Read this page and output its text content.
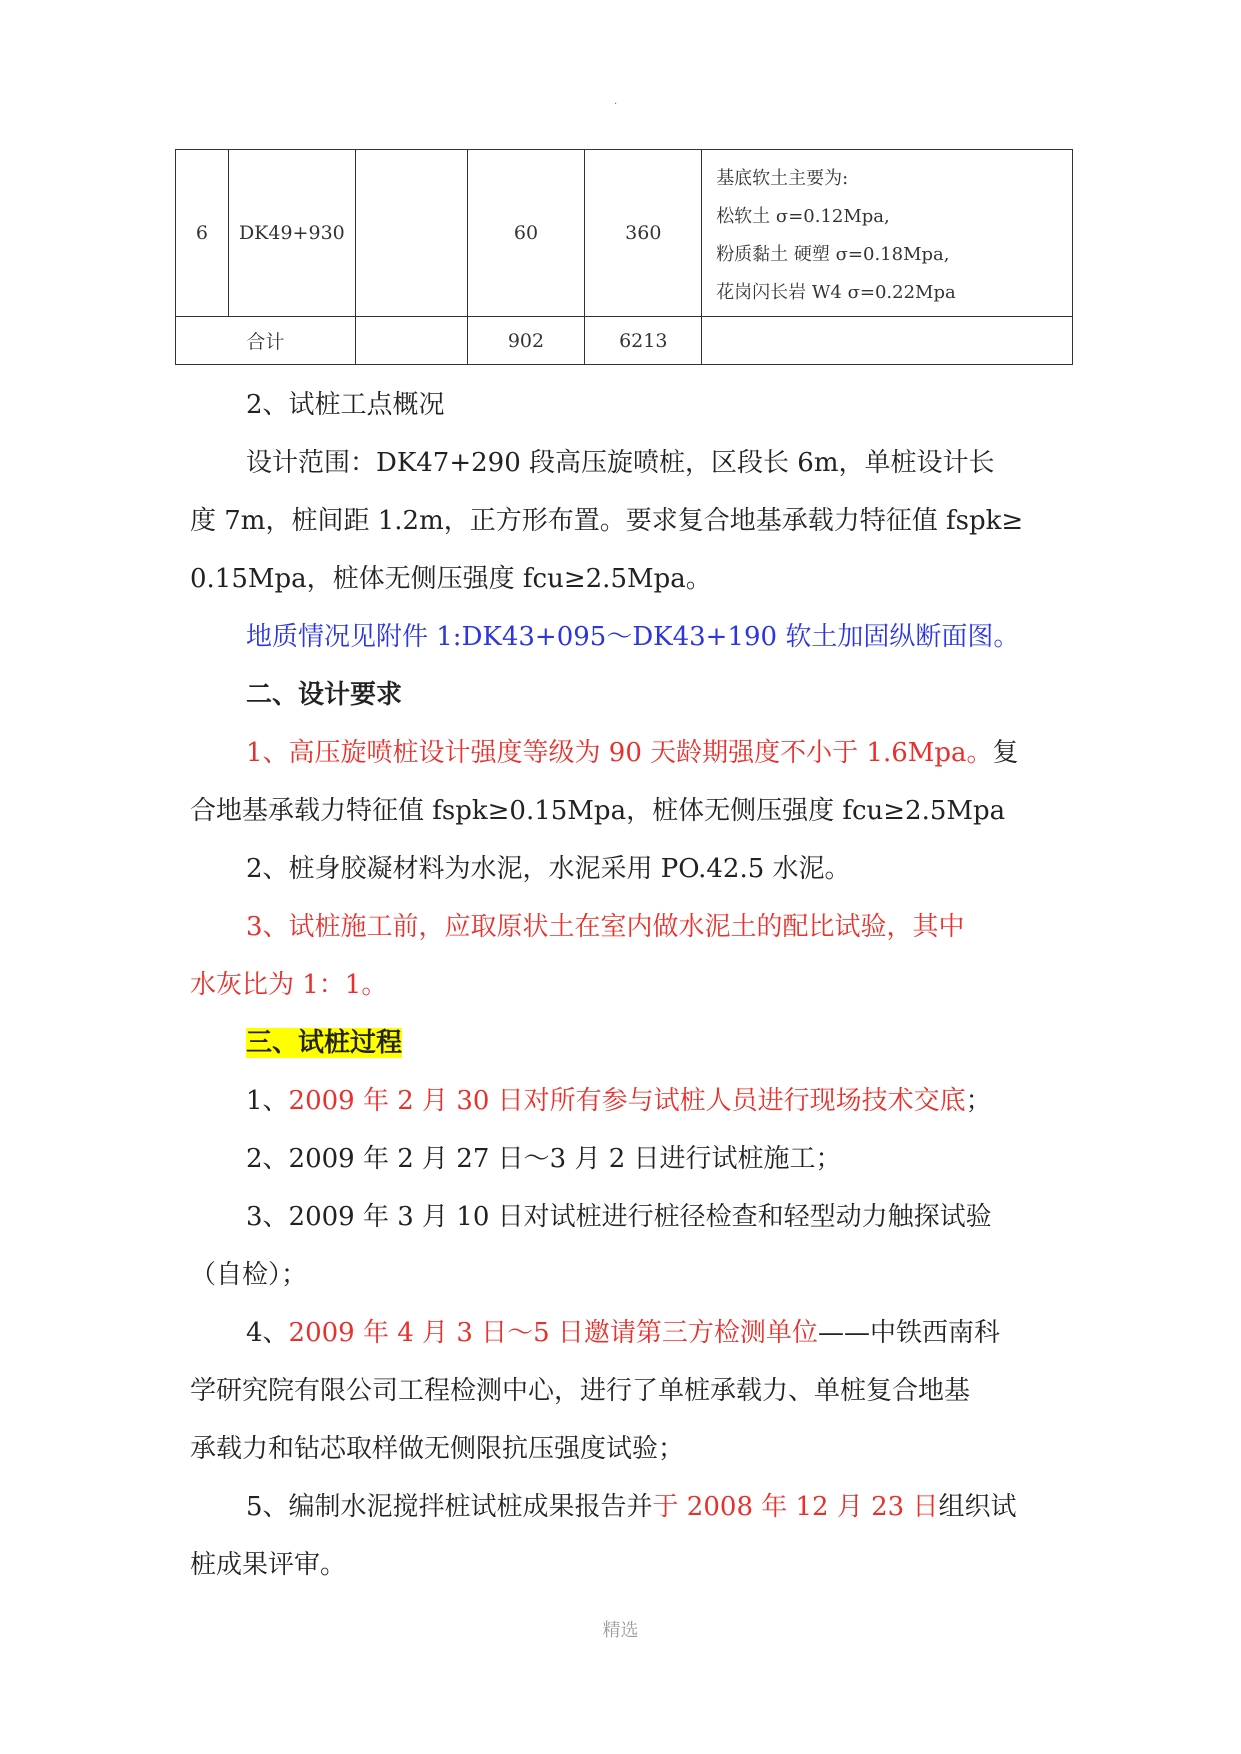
.
6	DK49+930		60	360	基底软土主要为:
松软土 σ=0.12Mpa,
粉质黏土 硬塑 σ=0.18Mpa,
花岗闪长岩 W4 σ=0.22Mpa

合计			902	6213	
2、试桩工点概况
设计范围：DK47+290 段高压旋喷桩，区段长 6m，单桩设计长
度 7m，桩间距 1.2m，正方形布置。要求复合地基承载力特征值 fspk≥
0.15Mpa，桩体无侧压强度 fcu≥2.5Mpa。
地质情况见附件 1:DK43+095～DK43+190 软土加固纵断面图。
二、设计要求
1、高压旋喷桩设计强度等级为 90 天龄期强度不小于 1.6Mpa。复
合地基承载力特征值 fspk≥0.15Mpa，桩体无侧压强度 fcu≥2.5Mpa
2、桩身胶凝材料为水泥，水泥采用 PO.42.5 水泥。
3、试桩施工前，应取原状土在室内做水泥土的配比试验，其中
水灰比为 1：1。
三、试桩过程
1、2009 年 2 月 30 日对所有参与试桩人员进行现场技术交底；
2、2009 年 2 月 27 日～3 月 2 日进行试桩施工；
3、2009 年 3 月 10 日对试桩进行桩径检查和轻型动力触探试验
（自检）；
4、2009 年 4 月 3 日～5 日邀请第三方检测单位——中铁西南科
学研究院有限公司工程检测中心，进行了单桩承载力、单桩复合地基
承载力和钻芯取样做无侧限抗压强度试验；
5、编制水泥搅拌桩试桩成果报告并于 2008 年 12 月 23 日组织试
桩成果评审。
精选
